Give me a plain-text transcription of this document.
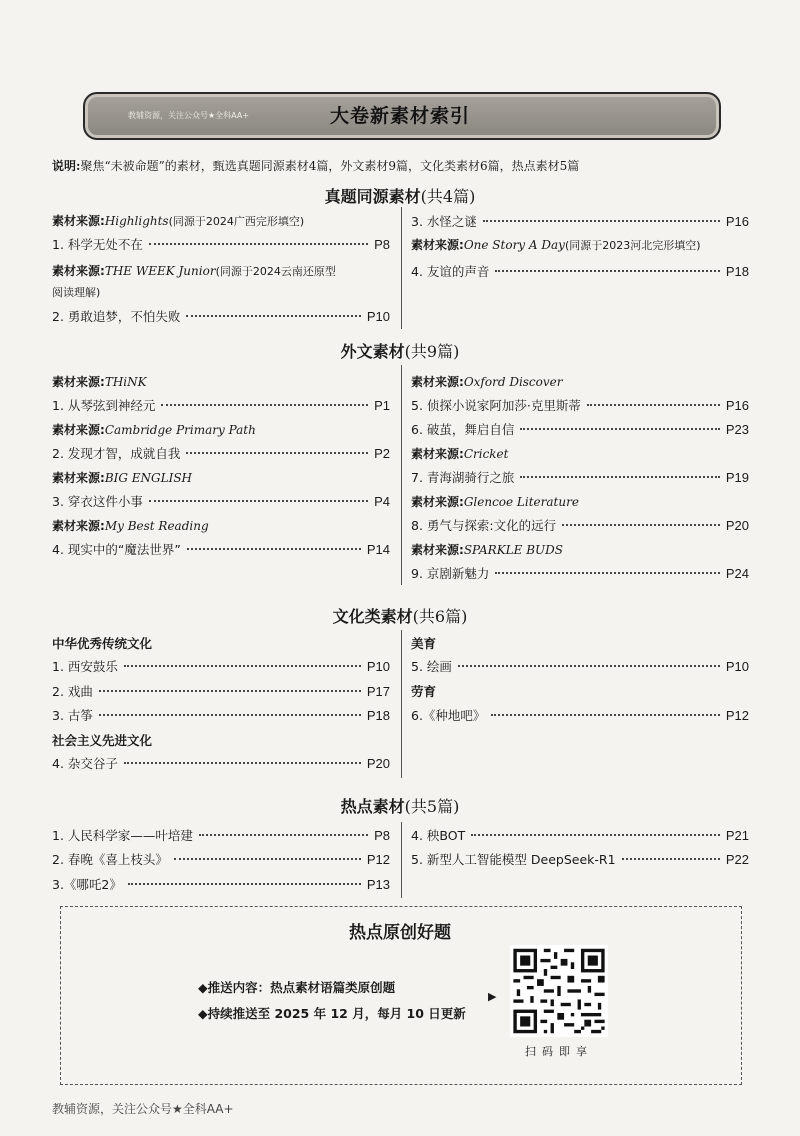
教辅资源，关注公众号★全科AA+	大卷新素材索引
说明:聚焦“未被命题”的素材，甄选真题同源素材4篇，外文素材9篇，文化类素材6篇，热点素材5篇
真题同源素材(共4篇)
素材来源:Highlights(同源于2024广西完形填空)
1. 科学无处不在	P8
素材来源:THE WEEK Junior(同源于2024云南还原型
阅读理解)
2. 勇敢追梦，不怕失败	P10
3. 水怪之谜	P16
素材来源:One Story A Day(同源于2023河北完形填空)
4. 友谊的声音	P18
外文素材(共9篇)
素材来源:THiNK
1. 从琴弦到神经元	P1
素材来源:Cambridge Primary Path
2. 发现才智，成就自我	P2
素材来源:BIG ENGLISH
3. 穿衣这件小事	P4
素材来源:My Best Reading
4. 现实中的“魔法世界”	P14
素材来源:Oxford Discover
5. 侦探小说家阿加莎·克里斯蒂	P16
6. 破茧，舞启自信	P23
素材来源:Cricket
7. 青海湖骑行之旅	P19
素材来源:Glencoe Literature
8. 勇气与探索:文化的远行	P20
素材来源:SPARKLE BUDS
9. 京剧新魅力	P24
文化类素材(共6篇)
中华优秀传统文化
1. 西安鼓乐	P10
2. 戏曲	P17
3. 古筝	P18
社会主义先进文化
4. 杂交谷子	P20
美育
5. 绘画	P10
劳育
6.《种地吧》	P12
热点素材(共5篇)
1. 人民科学家——叶培建	P8
2. 春晚《喜上枝头》	P12
3.《哪吒2》	P13
4. 秧BOT	P21
5. 新型人工智能模型 DeepSeek-R1	P22
热点原创好题
◆推送内容：热点素材语篇类原创题
◆持续推送至 2025 年 12 月，每月 10 日更新
▶
扫码即享
教辅资源，关注公众号★全科AA+
